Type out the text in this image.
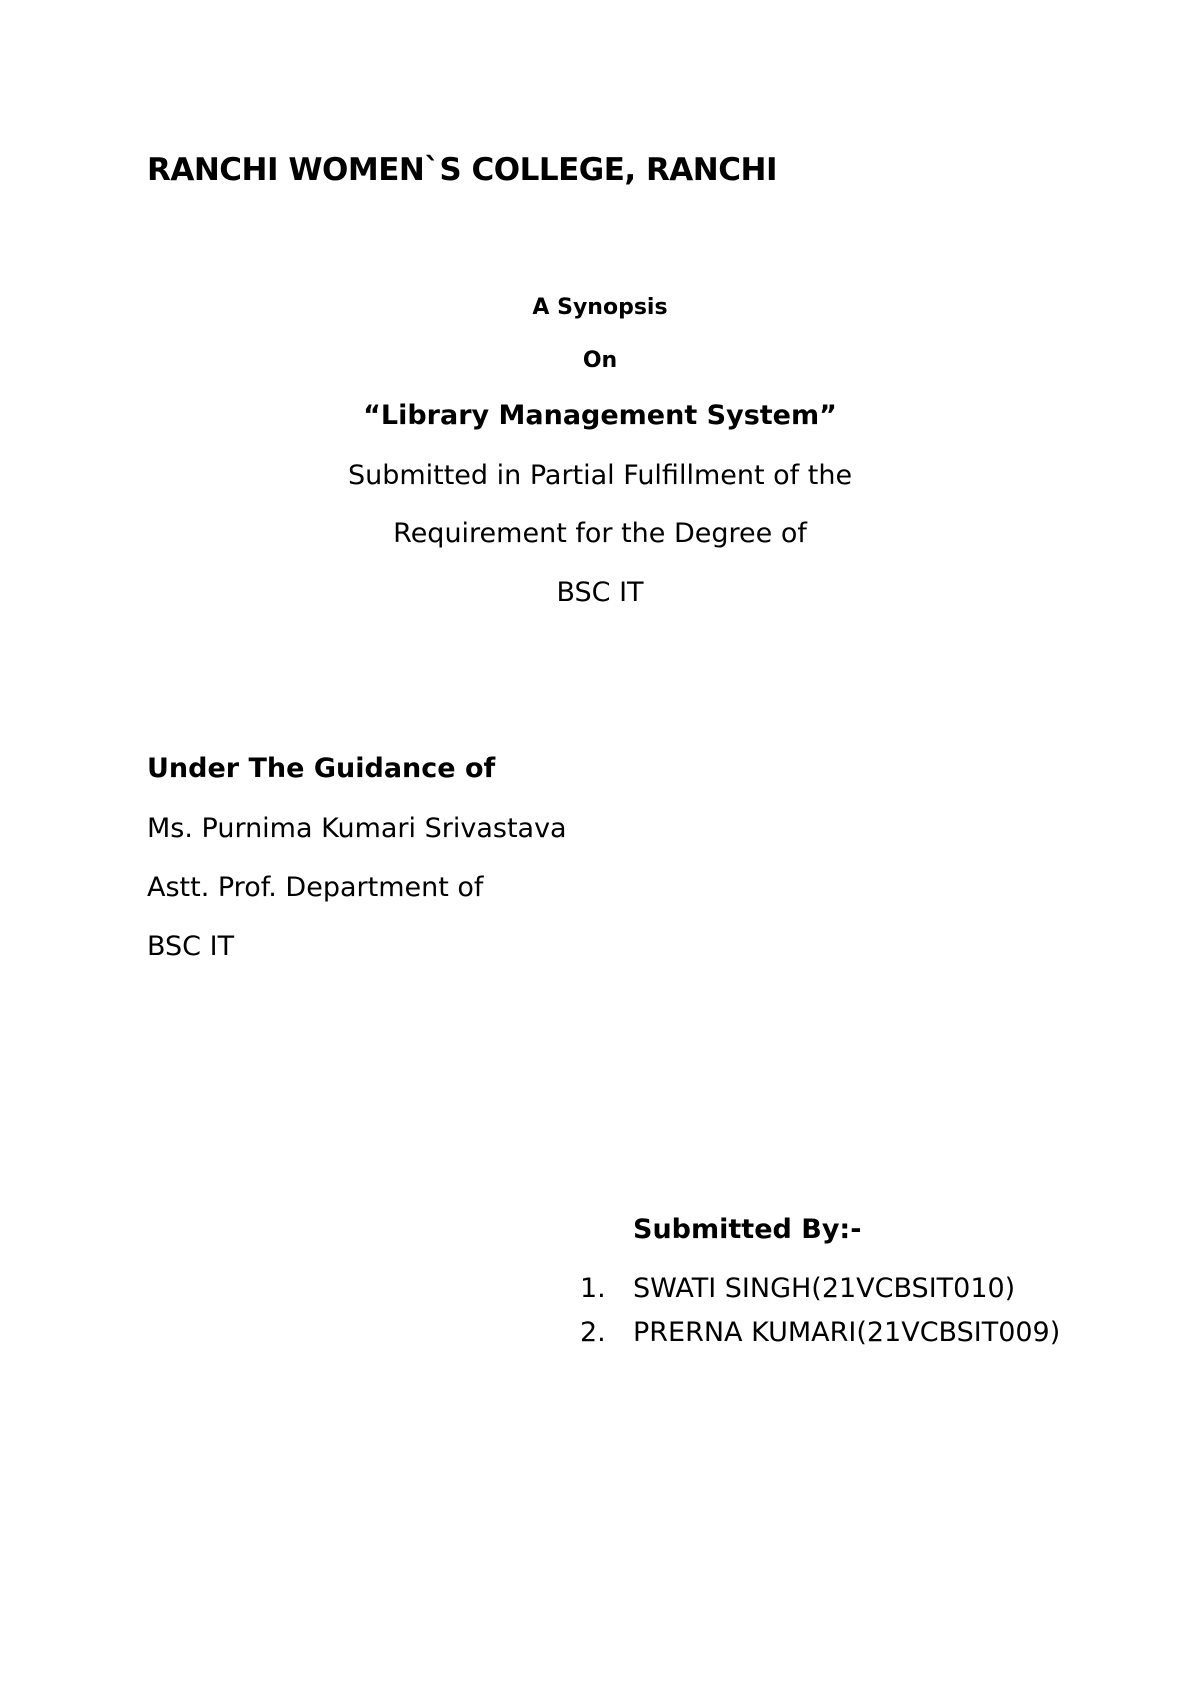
RANCHI WOMEN`S COLLEGE, RANCHI
A Synopsis
On
“Library Management System”
Submitted in Partial Fulfillment of the
Requirement for the Degree of
BSC IT
Under The Guidance of
Ms. Purnima Kumari Srivastava
Astt. Prof. Department of
BSC IT
Submitted By:-
1. SWATI SINGH(21VCBSIT010)
2. PRERNA KUMARI(21VCBSIT009)
